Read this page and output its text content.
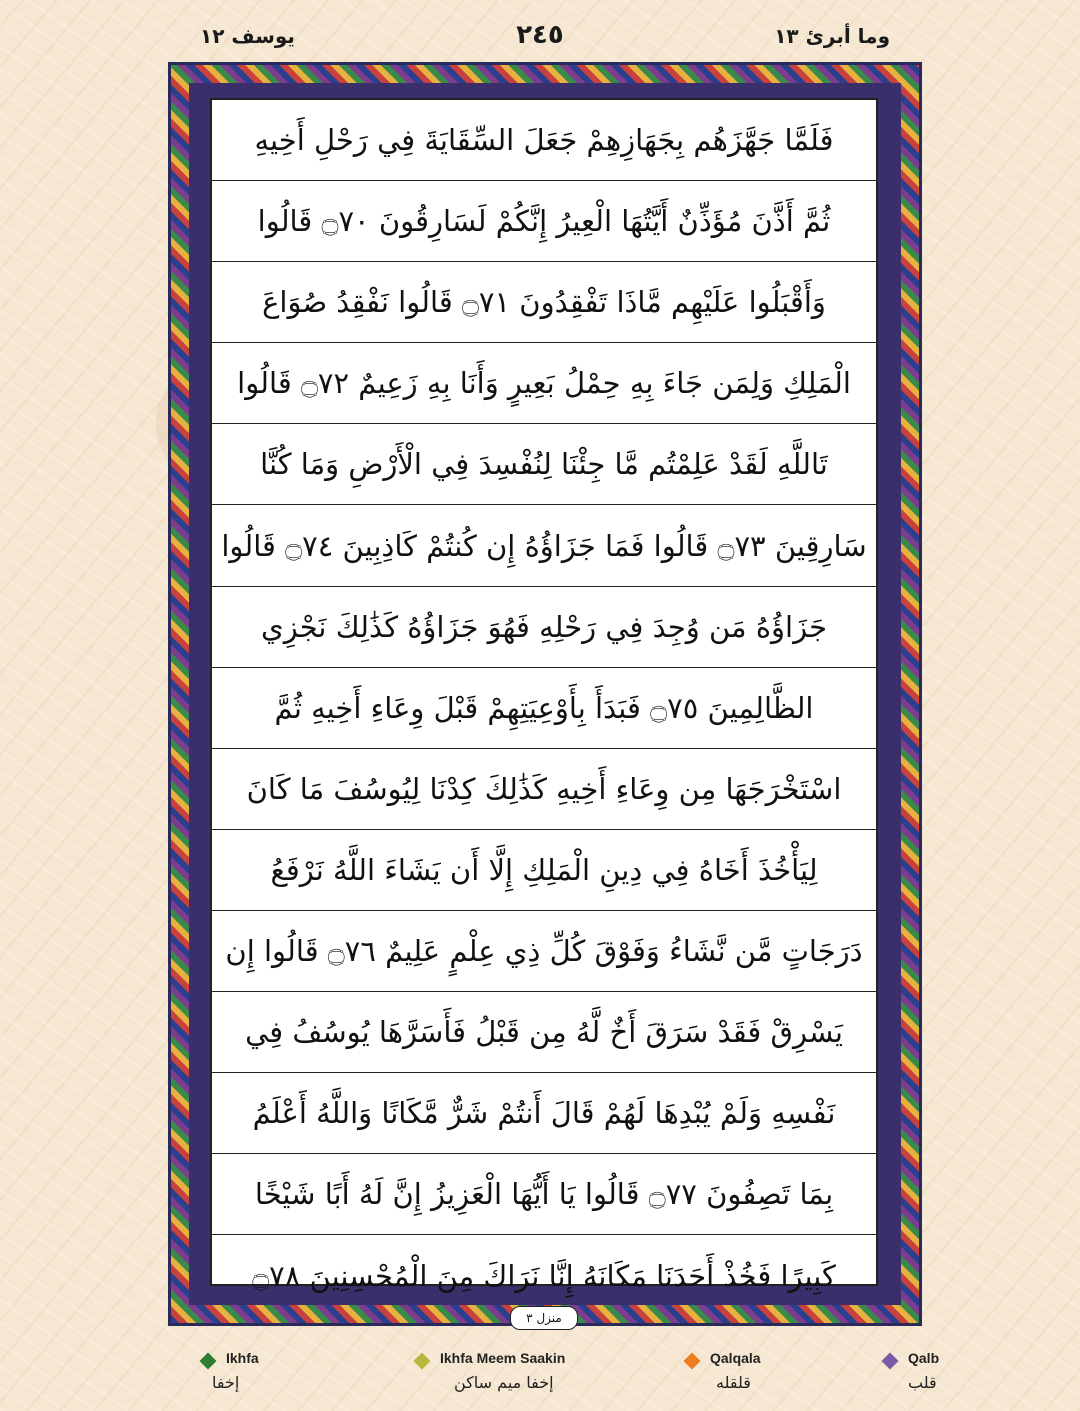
يوسف ١٢	٢٤٥	وما أبرئ ١٣
فَلَمَّا جَهَّزَهُم بِجَهَازِهِمْ جَعَلَ السِّقَايَةَ فِي رَحْلِ أَخِيهِ
ثُمَّ أَذَّنَ مُؤَذِّنٌ أَيَّتُهَا الْعِيرُ إِنَّكُمْ لَسَارِقُونَ ۝٧٠ قَالُوا
وَأَقْبَلُوا عَلَيْهِم مَّاذَا تَفْقِدُونَ ۝٧١ قَالُوا نَفْقِدُ صُوَاعَ
الْمَلِكِ وَلِمَن جَاءَ بِهِ حِمْلُ بَعِيرٍ وَأَنَا بِهِ زَعِيمٌ ۝٧٢ قَالُوا
تَاللَّهِ لَقَدْ عَلِمْتُم مَّا جِئْنَا لِنُفْسِدَ فِي الْأَرْضِ وَمَا كُنَّا
سَارِقِينَ ۝٧٣ قَالُوا فَمَا جَزَاؤُهُ إِن كُنتُمْ كَاذِبِينَ ۝٧٤ قَالُوا
جَزَاؤُهُ مَن وُجِدَ فِي رَحْلِهِ فَهُوَ جَزَاؤُهُ كَذَٰلِكَ نَجْزِي
الظَّالِمِينَ ۝٧٥ فَبَدَأَ بِأَوْعِيَتِهِمْ قَبْلَ وِعَاءِ أَخِيهِ ثُمَّ
اسْتَخْرَجَهَا مِن وِعَاءِ أَخِيهِ كَذَٰلِكَ كِدْنَا لِيُوسُفَ مَا كَانَ
لِيَأْخُذَ أَخَاهُ فِي دِينِ الْمَلِكِ إِلَّا أَن يَشَاءَ اللَّهُ نَرْفَعُ
دَرَجَاتٍ مَّن نَّشَاءُ وَفَوْقَ كُلِّ ذِي عِلْمٍ عَلِيمٌ ۝٧٦ قَالُوا إِن
يَسْرِقْ فَقَدْ سَرَقَ أَخٌ لَّهُ مِن قَبْلُ فَأَسَرَّهَا يُوسُفُ فِي
نَفْسِهِ وَلَمْ يُبْدِهَا لَهُمْ قَالَ أَنتُمْ شَرٌّ مَّكَانًا وَاللَّهُ أَعْلَمُ
بِمَا تَصِفُونَ ۝٧٧ قَالُوا يَا أَيُّهَا الْعَزِيزُ إِنَّ لَهُ أَبًا شَيْخًا
كَبِيرًا فَخُذْ أَحَدَنَا مَكَانَهُ إِنَّا نَرَاكَ مِنَ الْمُحْسِنِينَ ۝٧٨
منزل ٣
Ikhfa
إخفا
Ikhfa Meem Saakin
إخفا ميم ساكن
Qalqala
قلقله
Qalb
قلب
